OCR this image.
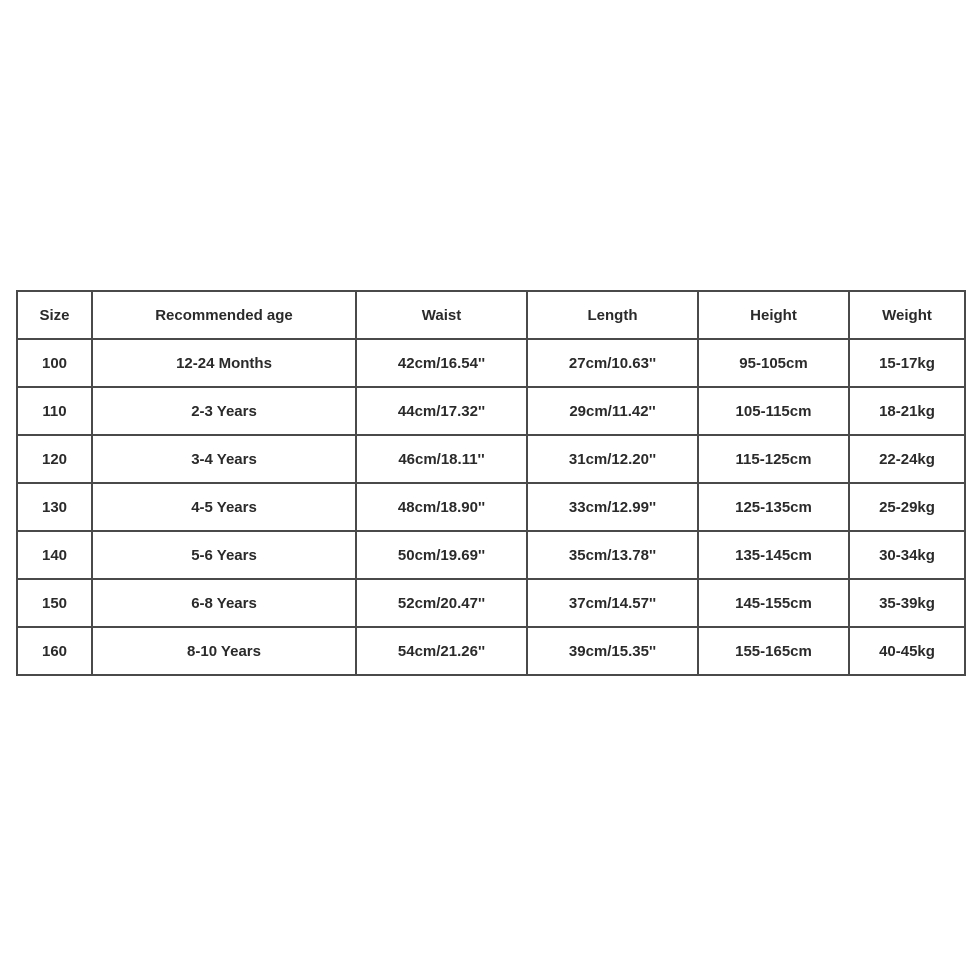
Size	Recommended age	Waist	Length	Height	Weight
100	12-24 Months	42cm/16.54''	27cm/10.63''	95-105cm	15-17kg
110	2-3 Years	44cm/17.32''	29cm/11.42''	105-115cm	18-21kg
120	3-4 Years	46cm/18.11''	31cm/12.20''	115-125cm	22-24kg
130	4-5 Years	48cm/18.90''	33cm/12.99''	125-135cm	25-29kg
140	5-6 Years	50cm/19.69''	35cm/13.78''	135-145cm	30-34kg
150	6-8 Years	52cm/20.47''	37cm/14.57''	145-155cm	35-39kg
160	8-10 Years	54cm/21.26''	39cm/15.35''	155-165cm	40-45kg
